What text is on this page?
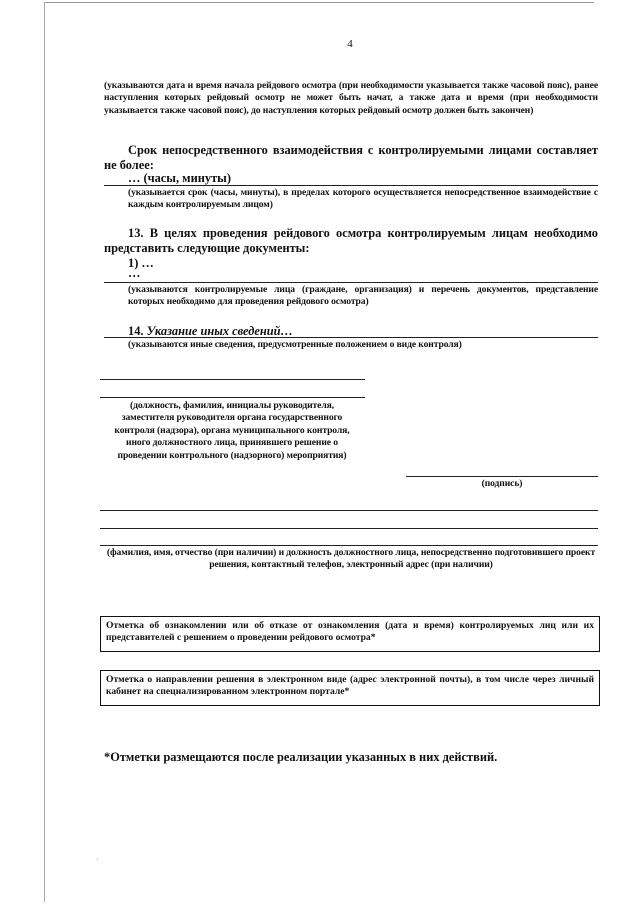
4
(указываются дата и время начала рейдового осмотра (при необходимости указывается также часовой пояс), ранее наступления которых рейдовый осмотр не может быть начат, а также дата и время (при необходимости указывается также часовой пояс), до наступления которых рейдовый осмотр должен быть закончен)
Срок непосредственного взаимодействия с контролируемыми лицами составляет не более:
… (часы, минуты)
(указывается срок (часы, минуты), в пределах которого осуществляется непосредственное взаимодействие с каждым контролируемым лицом)
13. В целях проведения рейдового осмотра контролируемым лицам необходимо представить следующие документы:
1) …
…
(указываются контролируемые лица (граждане, организация) и перечень документов, представление которых необходимо для проведения рейдового осмотра)
14. Указание иных сведений…
(указываются иные сведения, предусмотренные положением о виде контроля)
(должность, фамилия, инициалы руководителя, заместителя руководителя органа государственного контроля (надзора), органа муниципального контроля, иного должностного лица, принявшего решение о проведении контрольного (надзорного) мероприятия)
(подпись)
(фамилия, имя, отчество (при наличии) и должность должностного лица, непосредственно подготовившего проект решения, контактный телефон, электронный адрес (при наличии)
Отметка об ознакомлении или об отказе от ознакомления (дата и время) контролируемых лиц или их представителей с решением о проведении рейдового осмотра*
Отметка о направлении решения в электронном виде (адрес электронной почты), в том числе через личный кабинет на специализированном электронном портале*
*Отметки размещаются после реализации указанных в них действий.
·
